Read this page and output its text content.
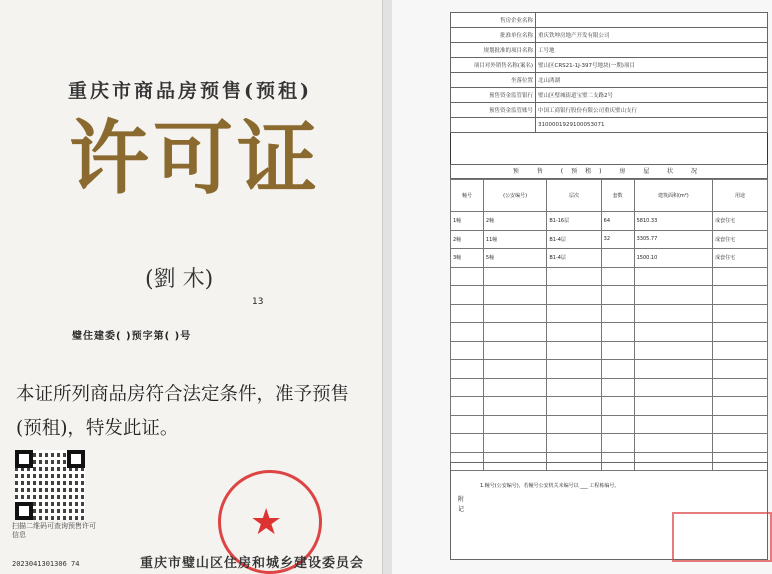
重庆市商品房预售(预租)
许可证
(劉 木)
13
璧住建委( )预字第( )号
本证所列商品房符合法定条件，准予预售(预租)，特发此证。
扫描二维码可查询预售许可信息
2023041301306 74
★
重庆市璧山区住房和城乡建设委员会
售房企业名称	
批准单位名称	重庆铁坤房地产开发有限公司
规划批准的项目名称	工号地
项目对外销售名称(案名)	璧山区CRS21-1J-397号地块(一期)项目
坐落位置	北山鸿湖
预售资金监管银行	璧山区璧城街道宝璧二支路2号
预售资金监管账号	中国工商银行股份有限公司重庆璧山支行
	3100001929100053071
预 售 (预租) 房 屋 状 况
幢号	(公安编号)	层次	套数	建筑面积(m²)	用途
1幢	2幢	B1-16层	64	5810.33	成套住宅
2幢	11幢	B1-4层	32	3305.77	成套住宅
3幢	5幢	B1-4层		1500.10	成套住宅

附记
1.幢号(公安编号)，若幢号公安机关未编号以 ___ 工程栋编号。
